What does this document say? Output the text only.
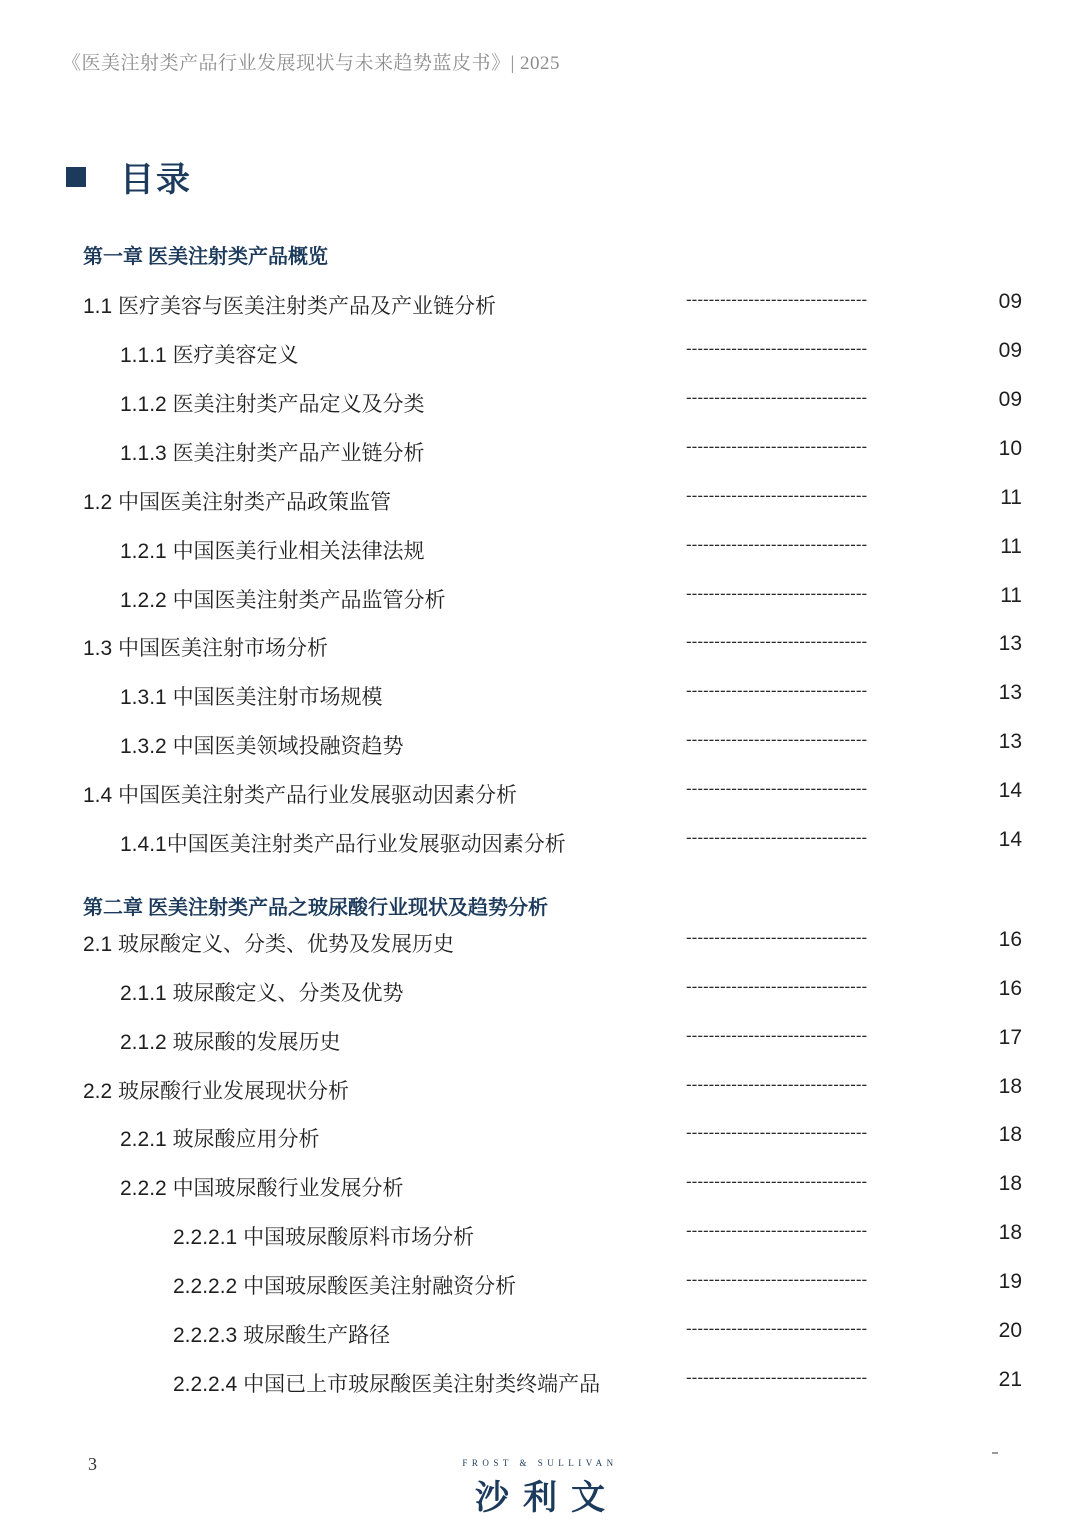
《医美注射类产品行业发展现状与未来趋势蓝皮书》| 2025
目录
第一章 医美注射类产品概览
1.1 医疗美容与医美注射类产品及产业链分析	--------------------------------	09
1.1.1 医疗美容定义	--------------------------------	09
1.1.2 医美注射类产品定义及分类	--------------------------------	09
1.1.3 医美注射类产品产业链分析	--------------------------------	10
1.2 中国医美注射类产品政策监管	--------------------------------	11
1.2.1 中国医美行业相关法律法规	--------------------------------	11
1.2.2 中国医美注射类产品监管分析	--------------------------------	11
1.3 中国医美注射市场分析	--------------------------------	13
1.3.1 中国医美注射市场规模	--------------------------------	13
1.3.2 中国医美领域投融资趋势	--------------------------------	13
1.4 中国医美注射类产品行业发展驱动因素分析	--------------------------------	14
1.4.1中国医美注射类产品行业发展驱动因素分析	--------------------------------	14
第二章 医美注射类产品之玻尿酸行业现状及趋势分析
2.1 玻尿酸定义、分类、优势及发展历史	--------------------------------	16
2.1.1 玻尿酸定义、分类及优势	--------------------------------	16
2.1.2 玻尿酸的发展历史	--------------------------------	17
2.2 玻尿酸行业发展现状分析	--------------------------------	18
2.2.1 玻尿酸应用分析	--------------------------------	18
2.2.2 中国玻尿酸行业发展分析	--------------------------------	18
2.2.2.1 中国玻尿酸原料市场分析	--------------------------------	18
2.2.2.2 中国玻尿酸医美注射融资分析	--------------------------------	19
2.2.2.3 玻尿酸生产路径	--------------------------------	20
2.2.2.4 中国已上市玻尿酸医美注射类终端产品	--------------------------------	21
3	FROST & SULLIVAN
沙利文
